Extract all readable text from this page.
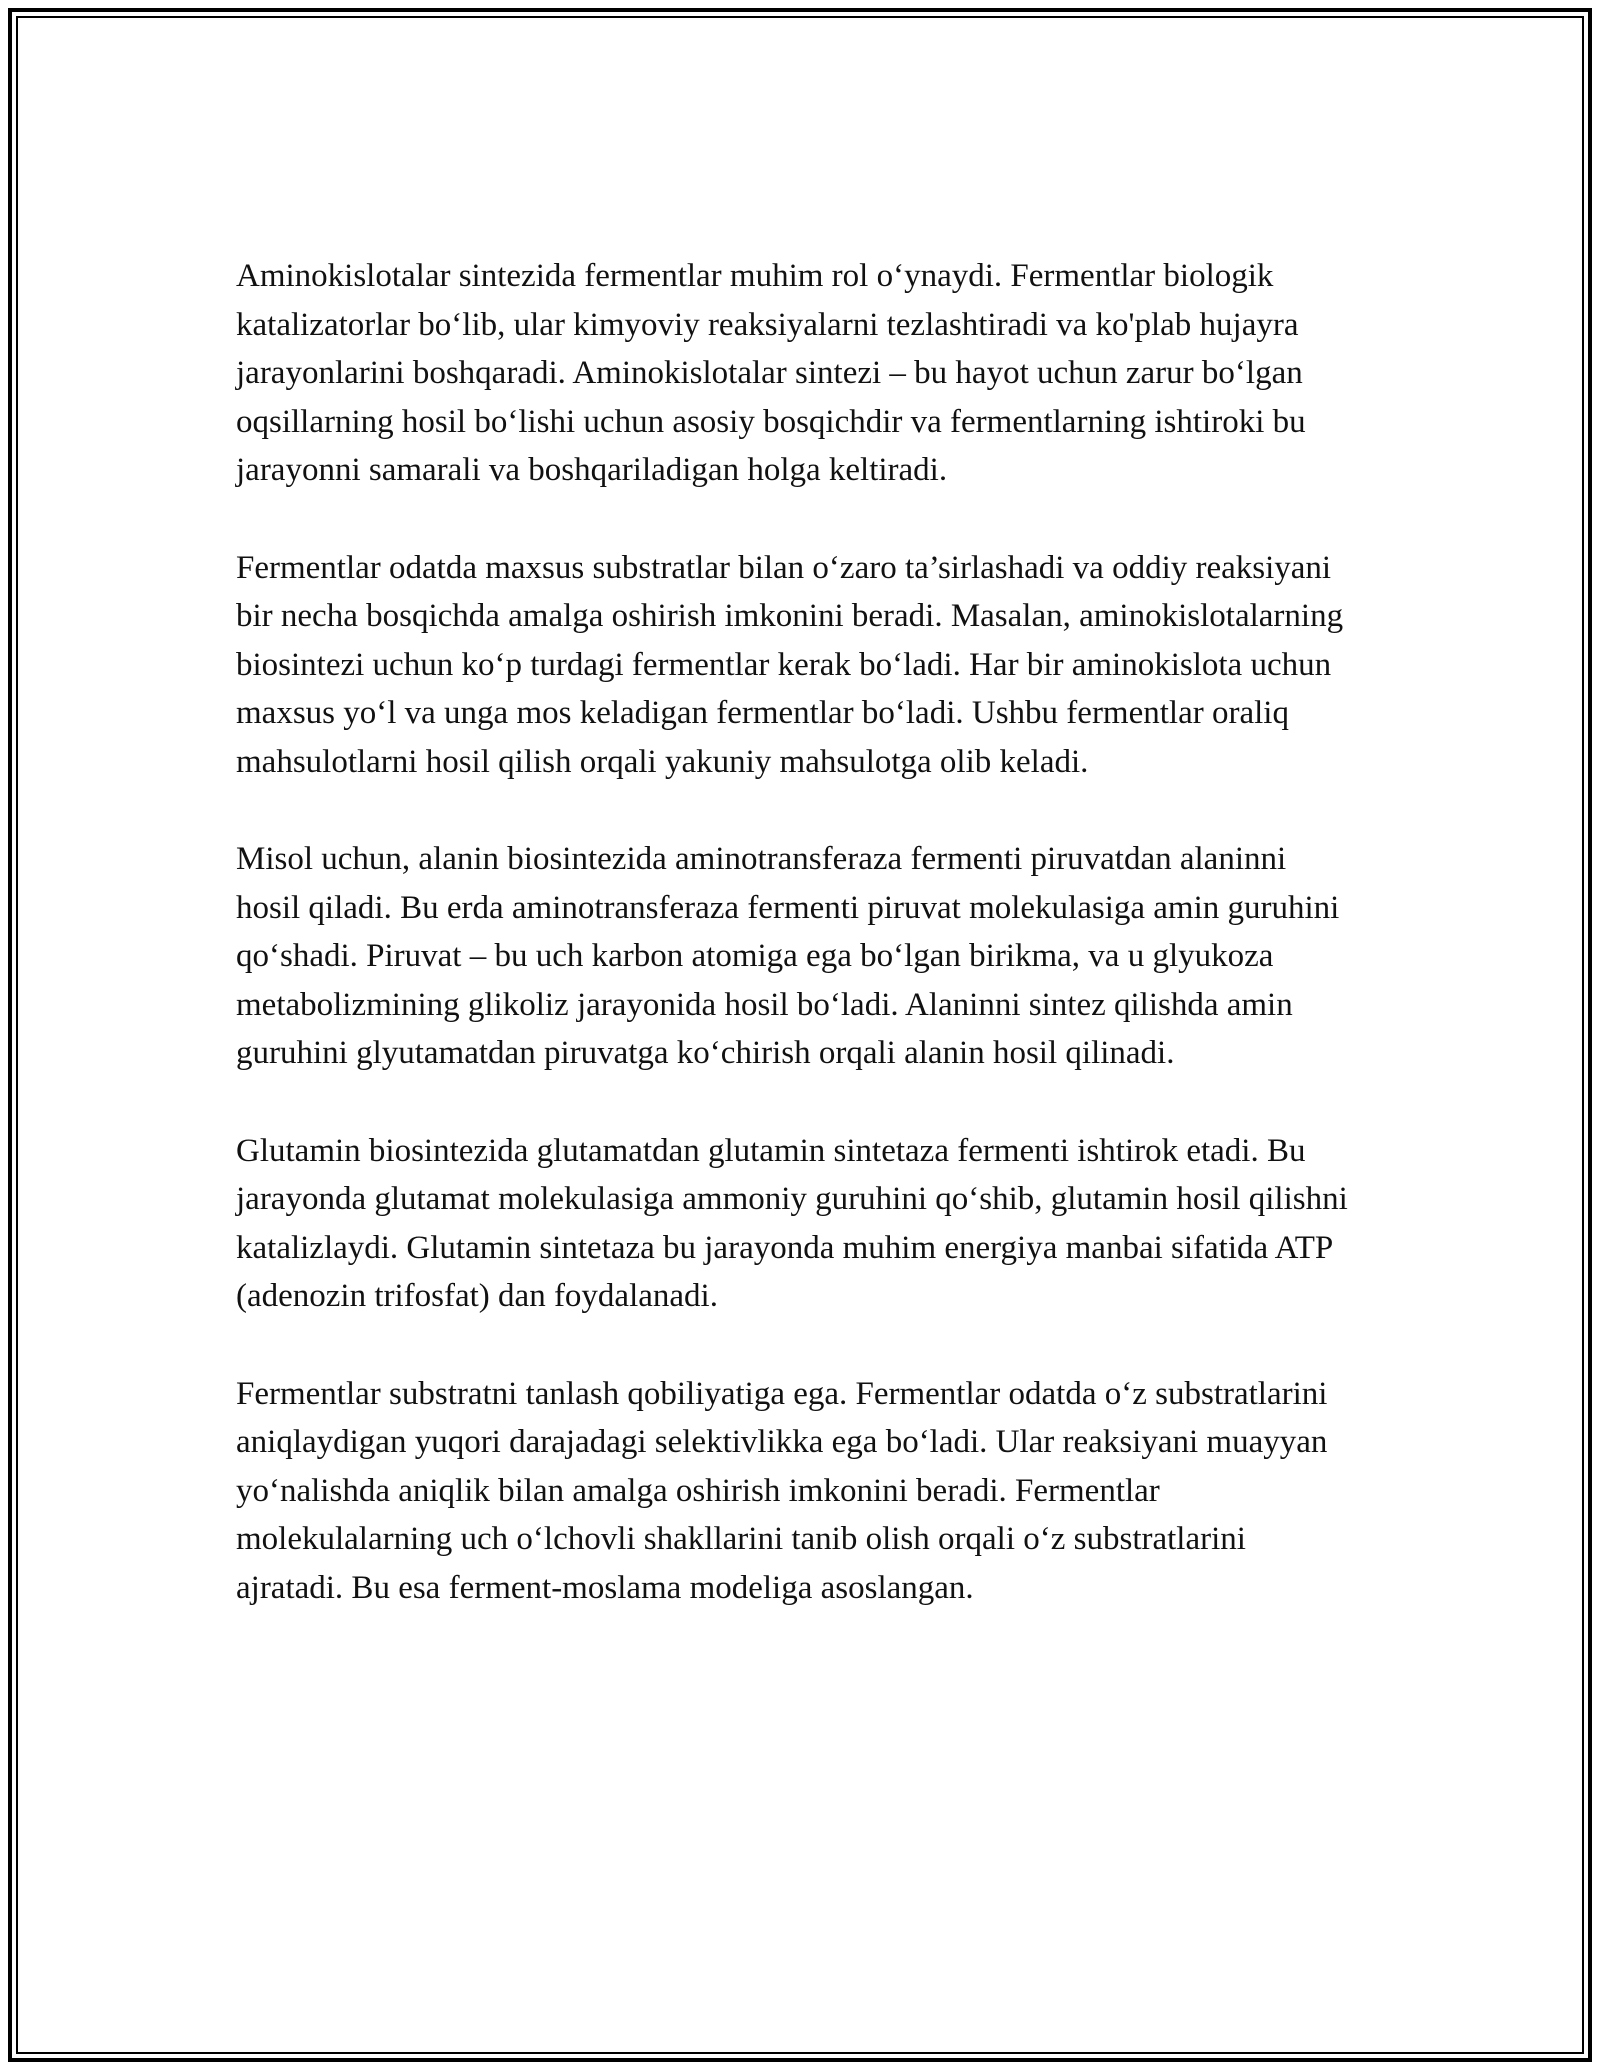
Aminokislotalar sintezida fermentlar muhim rol o‘ynaydi. Fermentlar biologik katalizatorlar bo‘lib, ular kimyoviy reaksiyalarni tezlashtiradi va ko'plab hujayra jarayonlarini boshqaradi. Aminokislotalar sintezi – bu hayot uchun zarur bo‘lgan oqsillarning hosil bo‘lishi uchun asosiy bosqichdir va fermentlarning ishtiroki bu jarayonni samarali va boshqariladigan holga keltiradi.

Fermentlar odatda maxsus substratlar bilan o‘zaro ta’sirlashadi va oddiy reaksiyani bir necha bosqichda amalga oshirish imkonini beradi. Masalan, aminokislotalarning biosintezi uchun ko‘p turdagi fermentlar kerak bo‘ladi. Har bir aminokislota uchun maxsus yo‘l va unga mos keladigan fermentlar bo‘ladi. Ushbu fermentlar oraliq mahsulotlarni hosil qilish orqali yakuniy mahsulotga olib keladi.

Misol uchun, alanin biosintezida aminotransferaza fermenti piruvatdan alaninni hosil qiladi. Bu erda aminotransferaza fermenti piruvat molekulasiga amin guruhini qo‘shadi. Piruvat – bu uch karbon atomiga ega bo‘lgan birikma, va u glyukoza metabolizmining glikoliz jarayonida hosil bo‘ladi. Alaninni sintez qilishda amin guruhini glyutamatdan piruvatga ko‘chirish orqali alanin hosil qilinadi.

Glutamin biosintezida glutamatdan glutamin sintetaza fermenti ishtirok etadi. Bu jarayonda glutamat molekulasiga ammoniy guruhini qo‘shib, glutamin hosil qilishni katalizlaydi. Glutamin sintetaza bu jarayonda muhim energiya manbai sifatida ATP (adenozin trifosfat) dan foydalanadi.

Fermentlar substratni tanlash qobiliyatiga ega. Fermentlar odatda o‘z substratlarini aniqlaydigan yuqori darajadagi selektivlikka ega bo‘ladi. Ular reaksiyani muayyan yo‘nalishda aniqlik bilan amalga oshirish imkonini beradi. Fermentlar molekulalarning uch o‘lchovli shakllarini tanib olish orqali o‘z substratlarini ajratadi. Bu esa ferment-moslama modeliga asoslangan.
